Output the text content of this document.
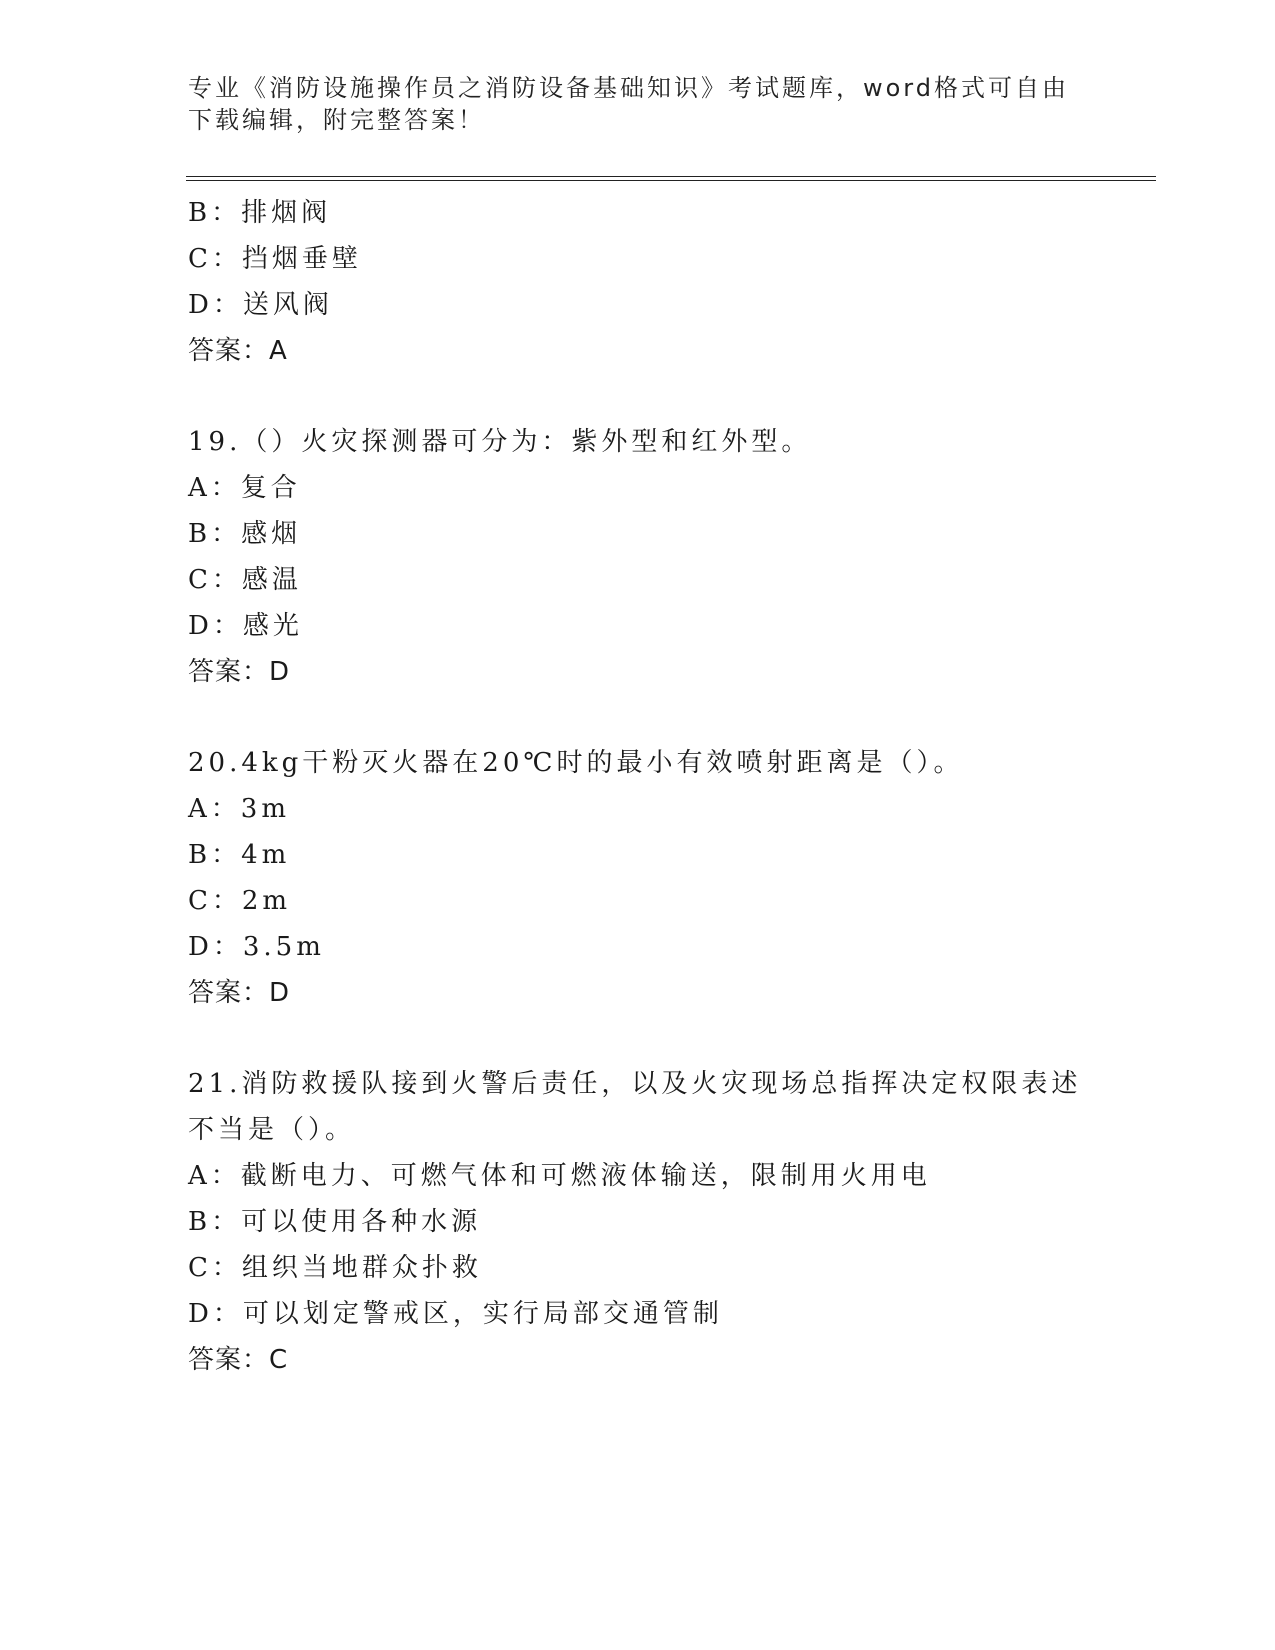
专业《消防设施操作员之消防设备基础知识》考试题库，word格式可自由下载编辑，附完整答案！
B：排烟阀
C：挡烟垂壁
D：送风阀
答案：A
19.（）火灾探测器可分为：紫外型和红外型。
A：复合
B：感烟
C：感温
D：感光
答案：D
20.4kg干粉灭火器在20℃时的最小有效喷射距离是（）。
A：3m
B：4m
C：2m
D：3.5m
答案：D
21.消防救援队接到火警后责任，以及火灾现场总指挥决定权限表述不当是（）。
A：截断电力、可燃气体和可燃液体输送，限制用火用电
B：可以使用各种水源
C：组织当地群众扑救
D：可以划定警戒区，实行局部交通管制
答案：C
